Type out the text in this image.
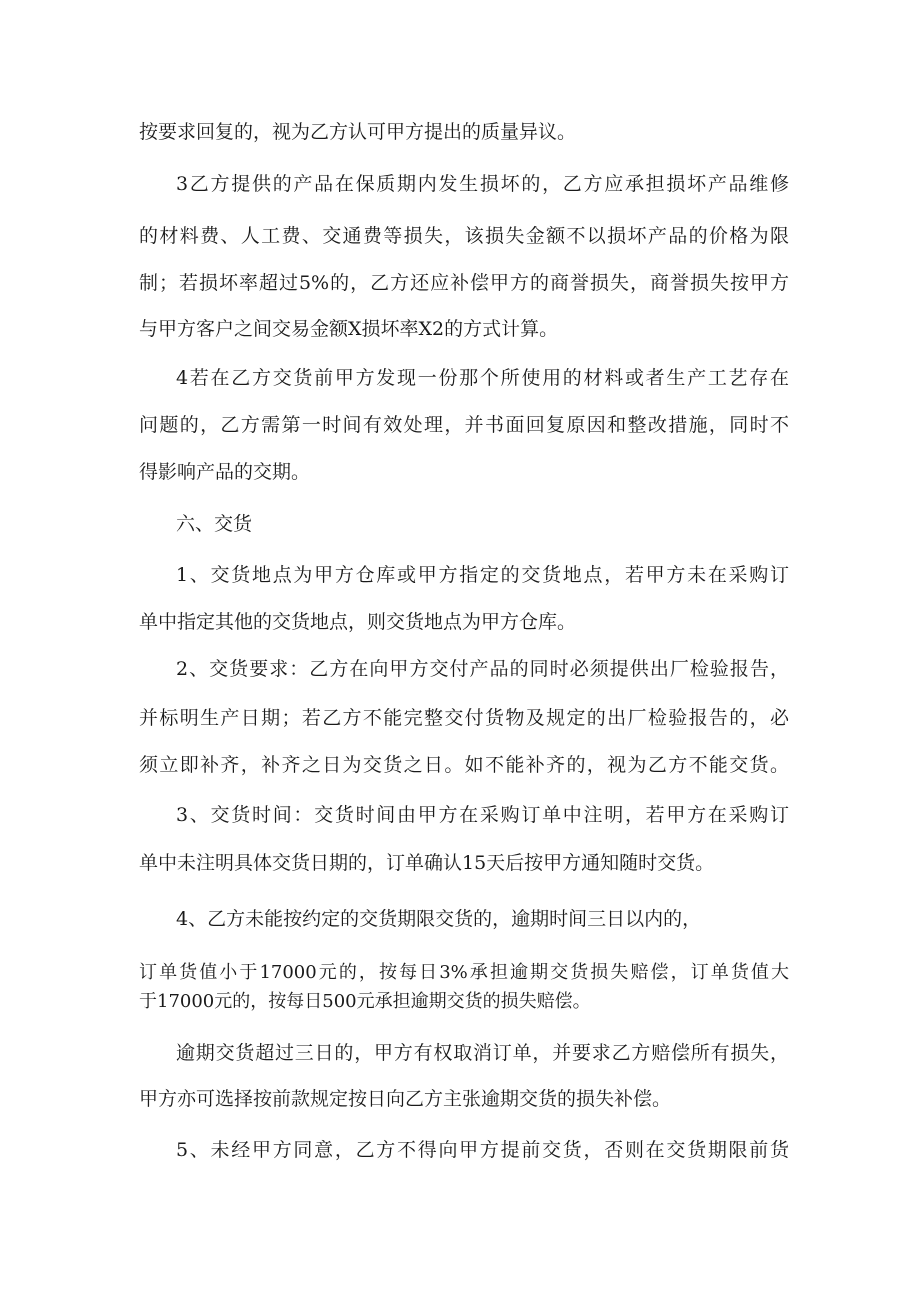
按要求回复的，视为乙方认可甲方提出的质量异议。
3乙方提供的产品在保质期内发生损坏的，乙方应承担损坏产品维修
的材料费、人工费、交通费等损失，该损失金额不以损坏产品的价格为限
制；若损坏率超过5%的，乙方还应补偿甲方的商誉损失，商誉损失按甲方
与甲方客户之间交易金额X损坏率X2的方式计算。
4若在乙方交货前甲方发现一份那个所使用的材料或者生产工艺存在
问题的，乙方需第一时间有效处理，并书面回复原因和整改措施，同时不
得影响产品的交期。
六、交货
1、交货地点为甲方仓库或甲方指定的交货地点，若甲方未在采购订
单中指定其他的交货地点，则交货地点为甲方仓库。
2、交货要求：乙方在向甲方交付产品的同时必须提供出厂检验报告，
并标明生产日期；若乙方不能完整交付货物及规定的出厂检验报告的，必
须立即补齐，补齐之日为交货之日。如不能补齐的，视为乙方不能交货。
3、交货时间：交货时间由甲方在采购订单中注明，若甲方在采购订
单中未注明具体交货日期的，订单确认15天后按甲方通知随时交货。
4、乙方未能按约定的交货期限交货的，逾期时间三日以内的，
订单货值小于17000元的，按每日3%承担逾期交货损失赔偿，订单货值大
于17000元的，按每日500元承担逾期交货的损失赔偿。
逾期交货超过三日的，甲方有权取消订单，并要求乙方赔偿所有损失，
甲方亦可选择按前款规定按日向乙方主张逾期交货的损失补偿。
5、未经甲方同意，乙方不得向甲方提前交货，否则在交货期限前货
